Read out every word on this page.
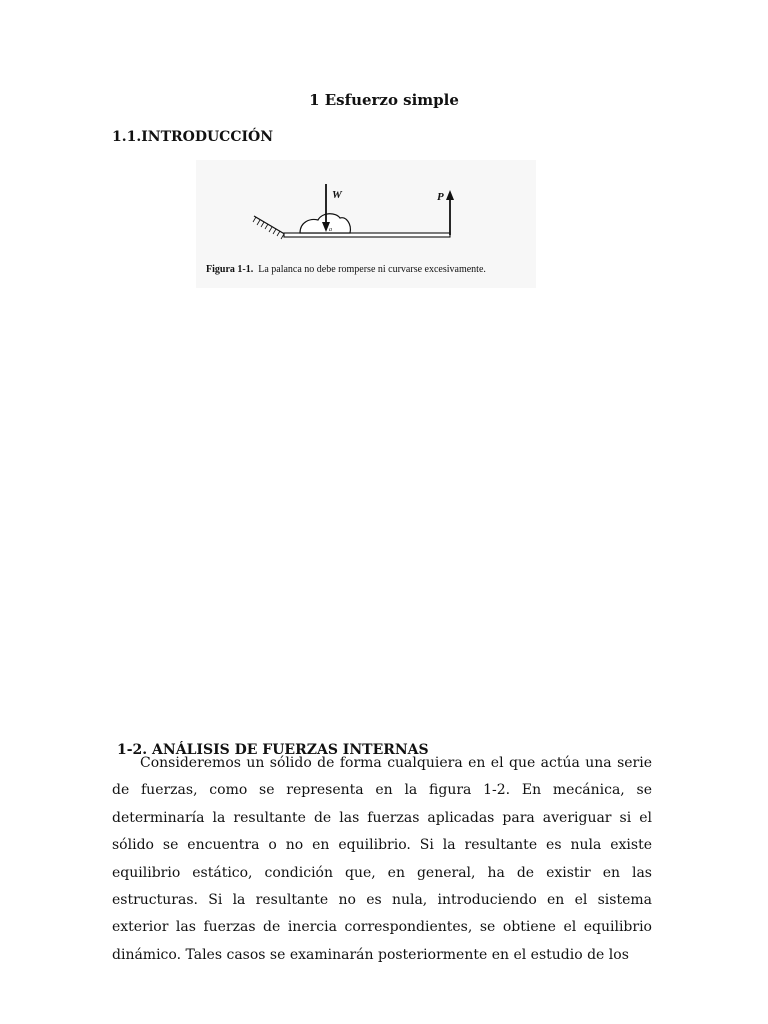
1 Esfuerzo simple
1.1.INTRODUCCIÓN
W	P
a
Figura 1-1. La palanca no debe romperse ni curvarse excesivamente.
1-2. ANÁLISIS DE FUERZAS INTERNAS

Consideremos un sólido de forma cualquiera en el que actúa una serie de fuerzas, como se representa en la figura 1-2. En mecánica, se determinaría la resultante de las fuerzas aplicadas para averiguar si el sólido se encuentra o no en equilibrio. Si la resultante es nula existe equilibrio estático, condición que, en general, ha de existir en las estructuras. Si la resultante no es nula, introduciendo en el sistema exterior las fuerzas de inercia correspondientes, se obtiene el equilibrio dinámico. Tales casos se examinarán posteriormente en el estudio de los
